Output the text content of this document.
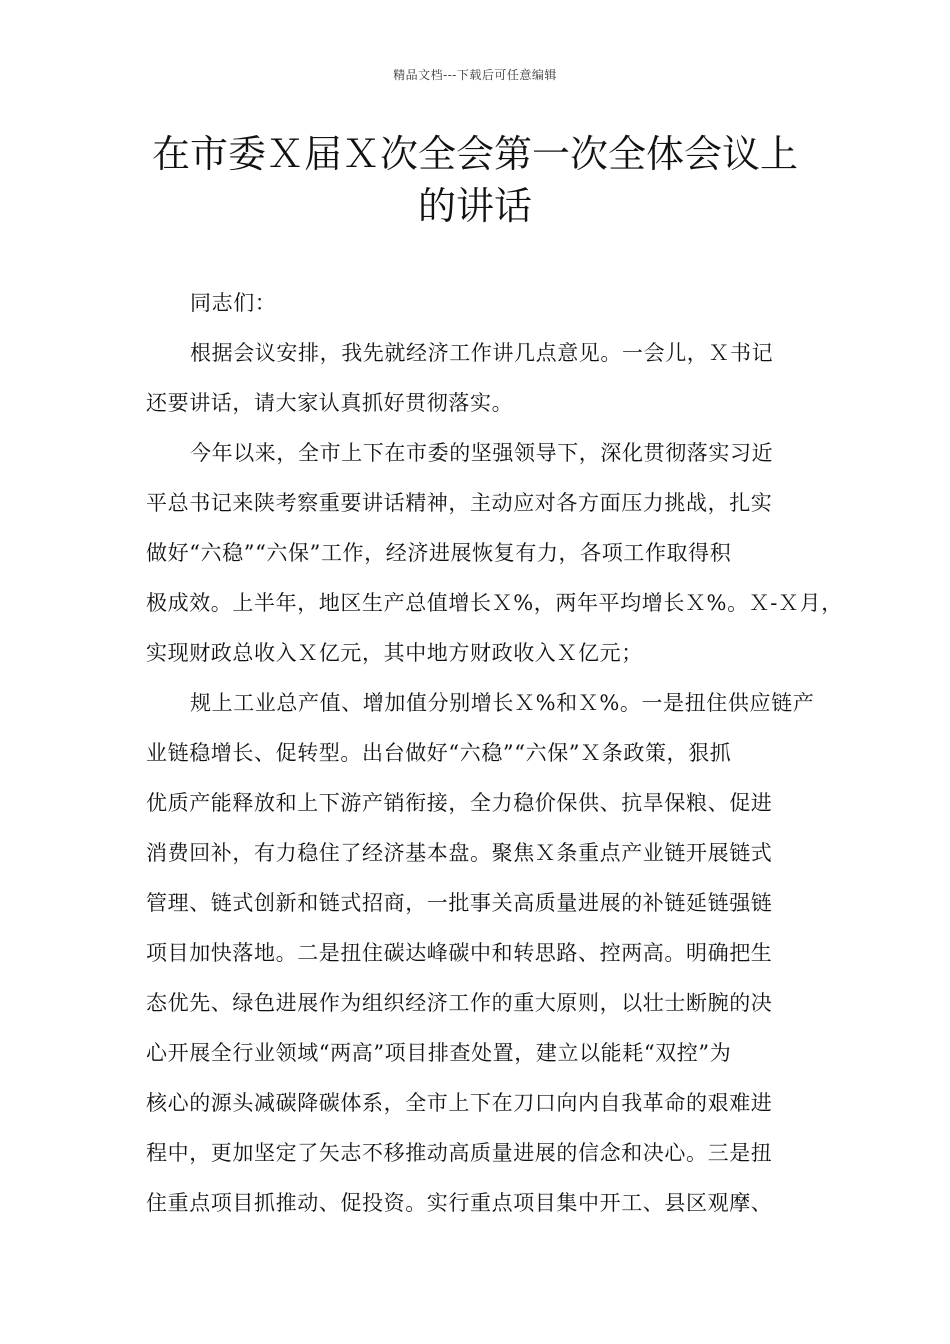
精品文档---下载后可任意编辑
在市委Ｘ届Ｘ次全会第一次全体会议上
的讲话
同志们：
根据会议安排，我先就经济工作讲几点意见。一会儿，Ｘ书记
还要讲话，请大家认真抓好贯彻落实。
今年以来，全市上下在市委的坚强领导下，深化贯彻落实习近
平总书记来陕考察重要讲话精神，主动应对各方面压力挑战，扎实
做好“六稳”“六保”工作，经济进展恢复有力，各项工作取得积
极成效。上半年，地区生产总值增长Ｘ%，两年平均增长Ｘ%。Ｘ-Ｘ月，
实现财政总收入Ｘ亿元，其中地方财政收入Ｘ亿元；
规上工业总产值、增加值分别增长Ｘ%和Ｘ%。一是扭住供应链产
业链稳增长、促转型。出台做好“六稳”“六保”Ｘ条政策，狠抓
优质产能释放和上下游产销衔接，全力稳价保供、抗旱保粮、促进
消费回补，有力稳住了经济基本盘。聚焦Ｘ条重点产业链开展链式
管理、链式创新和链式招商，一批事关高质量进展的补链延链强链
项目加快落地。二是扭住碳达峰碳中和转思路、控两高。明确把生
态优先、绿色进展作为组织经济工作的重大原则，以壮士断腕的决
心开展全行业领域“两高”项目排查处置，建立以能耗“双控”为
核心的源头减碳降碳体系，全市上下在刀口向内自我革命的艰难进
程中，更加坚定了矢志不移推动高质量进展的信念和决心。三是扭
住重点项目抓推动、促投资。实行重点项目集中开工、县区观摩、
